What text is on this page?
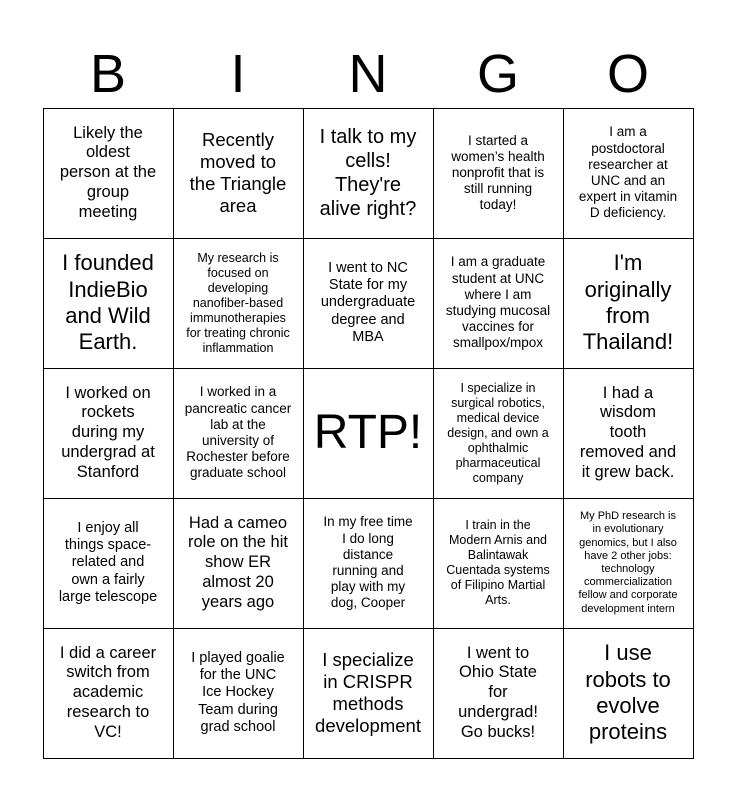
B	I	N	G	O
Likely the
oldest
person at the
group
meeting
Recently
moved to
the Triangle
area
I talk to my
cells!
They're
alive right?
I started a
women’s health
nonprofit that is
still running
today!
I am a
postdoctoral
researcher at
UNC and an
expert in vitamin
D deficiency.
I founded
IndieBio
and Wild
Earth.
My research is
focused on
developing
nanofiber-based
immunotherapies
for treating chronic
inflammation
I went to NC
State for my
undergraduate
degree and
MBA
I am a graduate
student at UNC
where I am
studying mucosal
vaccines for
smallpox/mpox
I'm
originally
from
Thailand!
I worked on
rockets
during my
undergrad at
Stanford
I worked in a
pancreatic cancer
lab at the
university of
Rochester before
graduate school
RTP!
I specialize in
surgical robotics,
medical device
design, and own a
ophthalmic
pharmaceutical
company
I had a
wisdom
tooth
removed and
it grew back.
I enjoy all
things space-
related and
own a fairly
large telescope
Had a cameo
role on the hit
show ER
almost 20
years ago
In my free time
I do long
distance
running and
play with my
dog, Cooper
I train in the
Modern Arnis and
Balintawak
Cuentada systems
of Filipino Martial
Arts.
My PhD research is
in evolutionary
genomics, but I also
have 2 other jobs:
technology
commercialization
fellow and corporate
development intern
I did a career
switch from
academic
research to
VC!
I played goalie
for the UNC
Ice Hockey
Team during
grad school
I specialize
in CRISPR
methods
development
I went to
Ohio State
for
undergrad!
Go bucks!
I use
robots to
evolve
proteins
